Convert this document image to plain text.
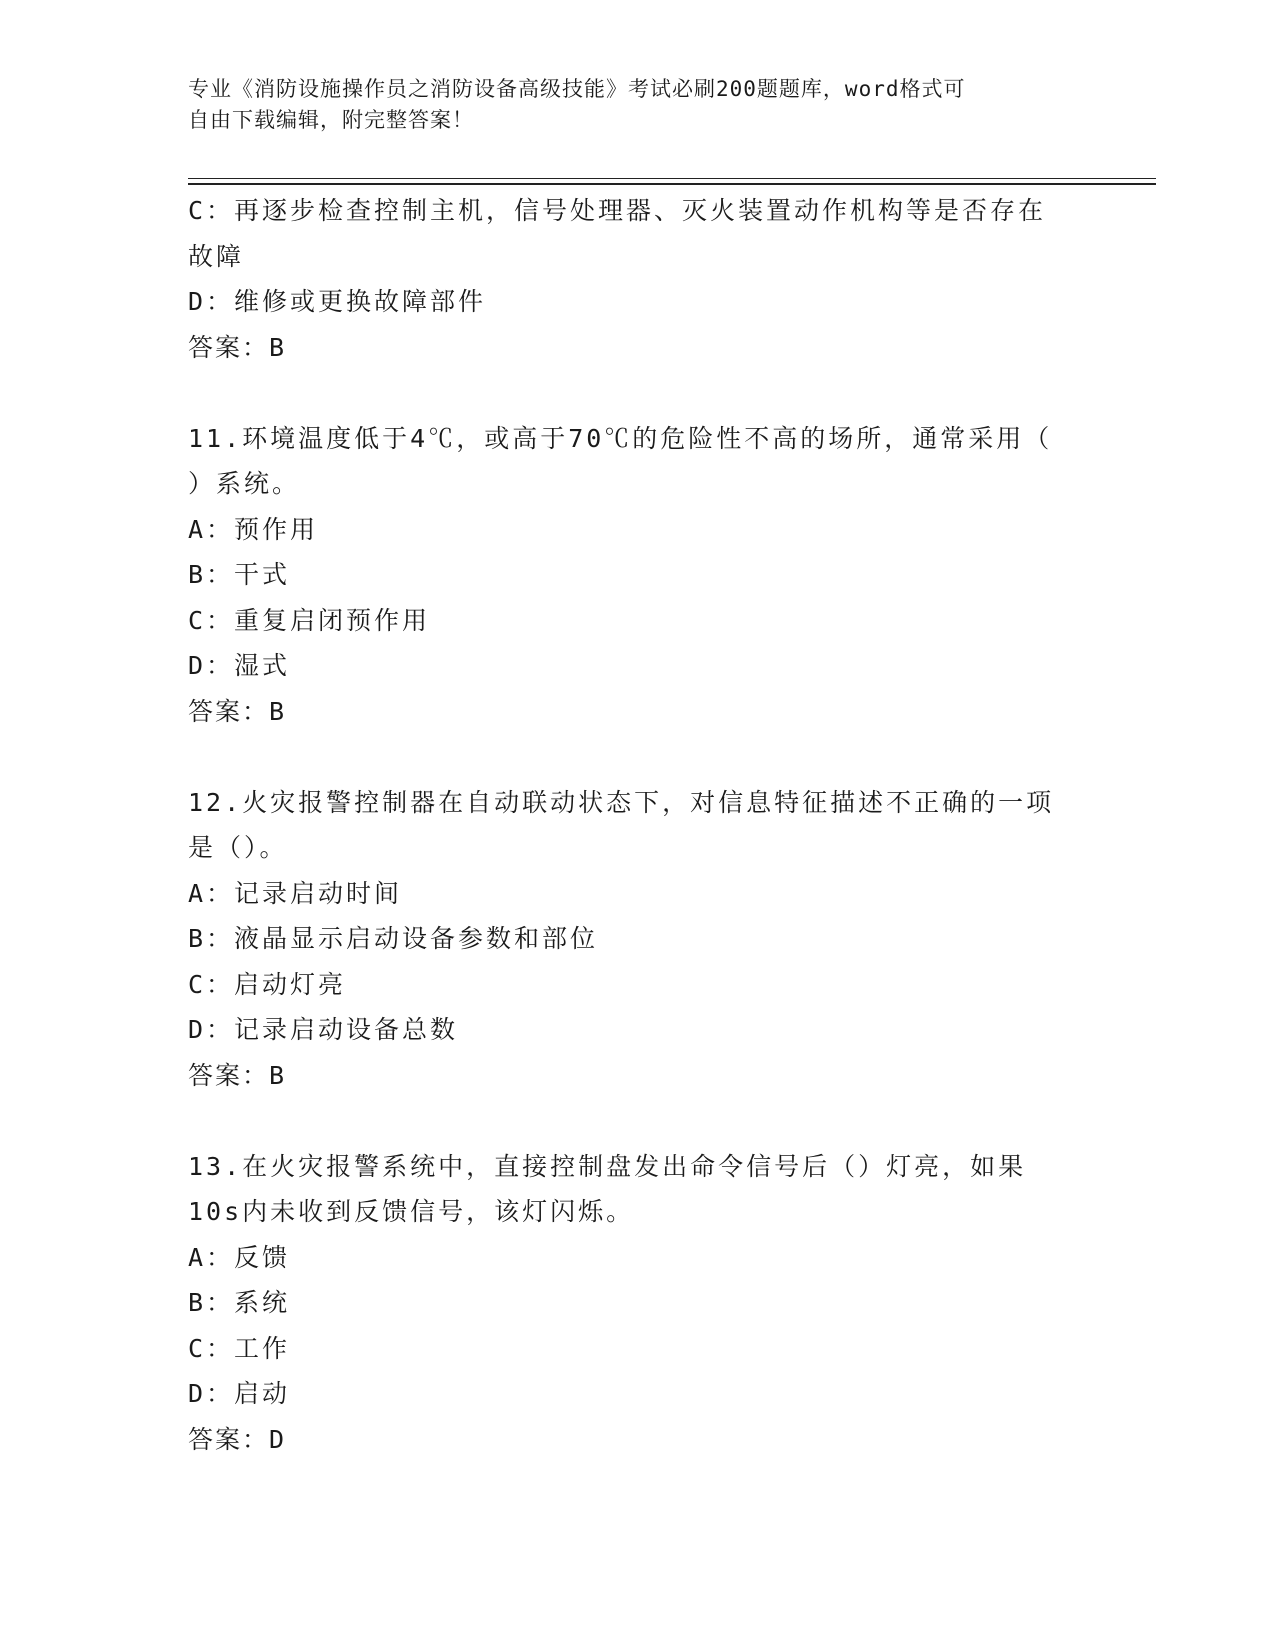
专业《消防设施操作员之消防设备高级技能》考试必刷200题题库，word格式可
自由下载编辑，附完整答案！
C：再逐步检查控制主机，信号处理器、灭火装置动作机构等是否存在
故障
D：维修或更换故障部件
答案：B
11.环境温度低于4℃，或高于70℃的危险性不高的场所，通常采用（
）系统。
A：预作用
B：干式
C：重复启闭预作用
D：湿式
答案：B
12.火灾报警控制器在自动联动状态下，对信息特征描述不正确的一项
是（）。
A：记录启动时间
B：液晶显示启动设备参数和部位
C：启动灯亮
D：记录启动设备总数
答案：B
13.在火灾报警系统中，直接控制盘发出命令信号后（）灯亮，如果
10s内未收到反馈信号，该灯闪烁。
A：反馈
B：系统
C：工作
D：启动
答案：D
